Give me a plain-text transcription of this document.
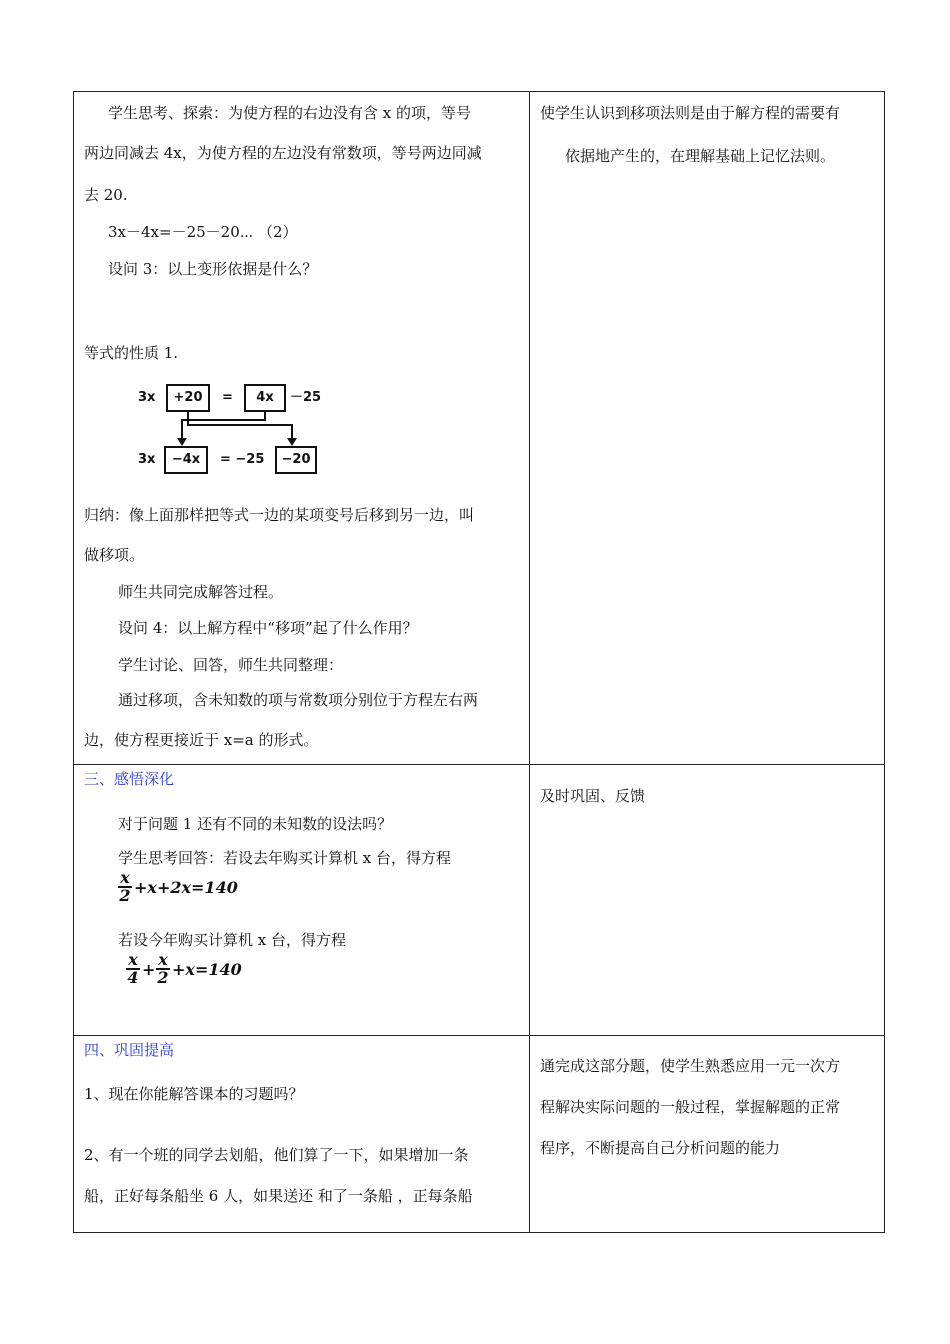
学生思考、探索：为使方程的右边没有含 x 的项，等号
两边同减去 4x，为使方程的左边没有常数项，等号两边同减
去 20.
3x－4x=－25－20⋯ （2）
设问 3：以上变形依据是什么？
等式的性质 1.
3x	+20	=	4x	－25
3x	−4x	= −25	−20
归纳：像上面那样把等式一边的某项变号后移到另一边，叫
做移项。
师生共同完成解答过程。
设问 4：以上解方程中“移项”起了什么作用？
学生讨论、回答，师生共同整理：
通过移项，含未知数的项与常数项分别位于方程左右两
边，使方程更接近于 x=a 的形式。
使学生认识到移项法则是由于解方程的需要有
依据地产生的，在理解基础上记忆法则。
三、感悟深化
对于问题 1 还有不同的未知数的设法吗？
学生思考回答：若设去年购买计算机 x 台，得方程
$\frac{x}{2} +x+2x=140$
若设今年购买计算机 x 台，得方程
$\frac{x}{4} + \frac{x}{2} +x=140$
及时巩固、反馈
四、巩固提高
1、现在你能解答课本的习题吗？
2、有一个班的同学去划船，他们算了一下，如果增加一条
船，正好每条船坐 6 人，如果送还 和了一条船 ，正每条船
通完成这部分题，使学生熟悉应用一元一次方
程解决实际问题的一般过程，掌握解题的正常
程序，不断提高自己分析问题的能力
